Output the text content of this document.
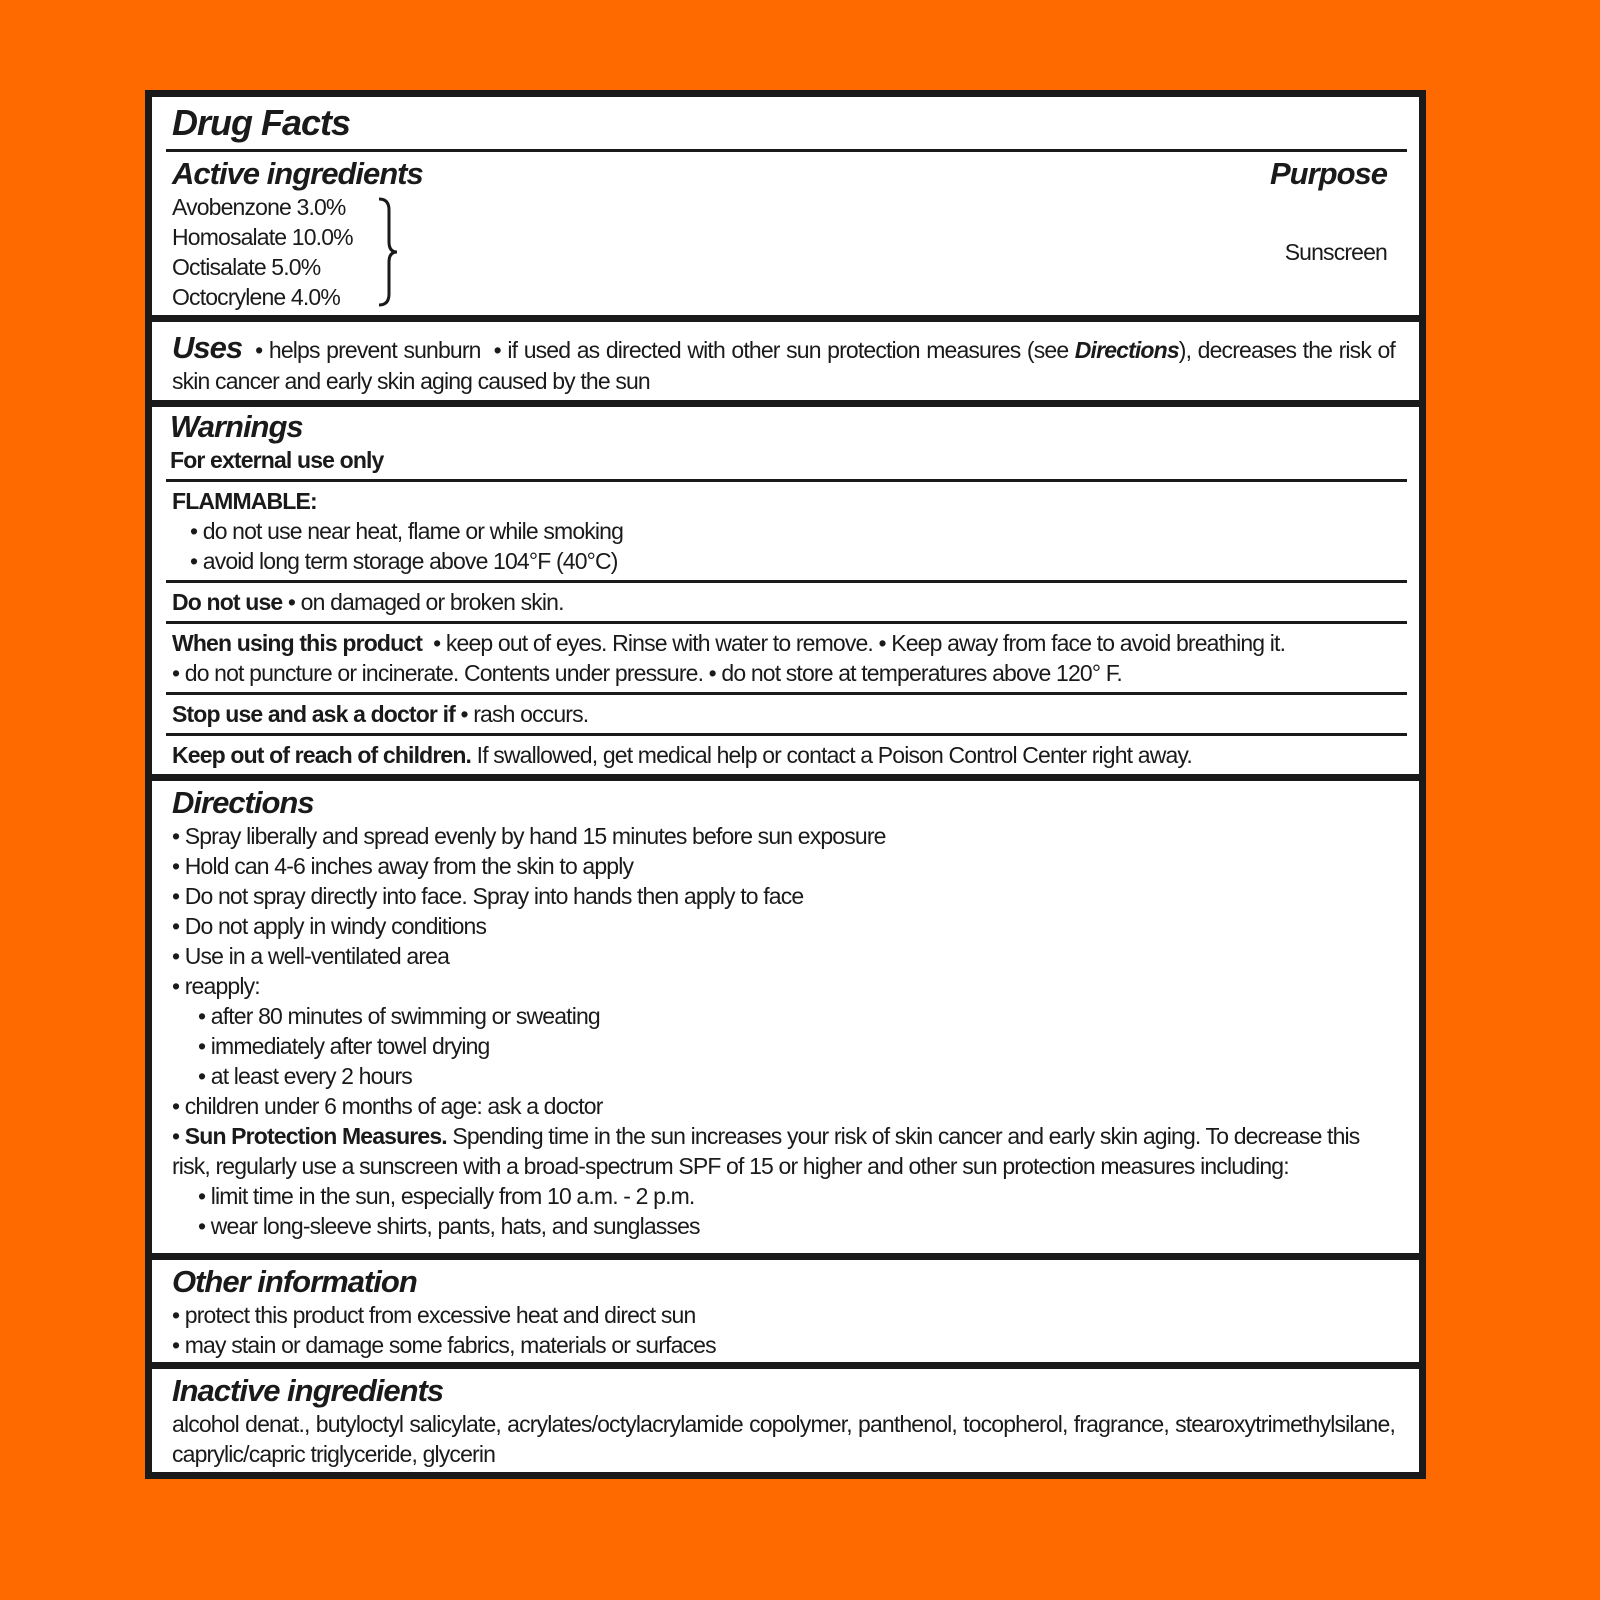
Drug Facts
Active ingredients	Purpose
Avobenzone 3.0%
Homosalate 10.0%
Octisalate 5.0%
Octocrylene 4.0%
Sunscreen
Uses  • helps prevent sunburn  • if used as directed with other sun protection measures (see Directions), decreases the risk of skin cancer and early skin aging caused by the sun
Warnings
For external use only
FLAMMABLE:
• do not use near heat, flame or while smoking
• avoid long term storage above 104°F (40°C)
Do not use • on damaged or broken skin.
When using this product  • keep out of eyes. Rinse with water to remove. • Keep away from face to avoid breathing it.
• do not puncture or incinerate. Contents under pressure. • do not store at temperatures above 120° F.
Stop use and ask a doctor if • rash occurs.
Keep out of reach of children. If swallowed, get medical help or contact a Poison Control Center right away.
Directions
• Spray liberally and spread evenly by hand 15 minutes before sun exposure
• Hold can 4-6 inches away from the skin to apply
• Do not spray directly into face. Spray into hands then apply to face
• Do not apply in windy conditions
• Use in a well-ventilated area
• reapply:
• after 80 minutes of swimming or sweating
• immediately after towel drying
• at least every 2 hours
• children under 6 months of age: ask a doctor
• Sun Protection Measures. Spending time in the sun increases your risk of skin cancer and early skin aging. To decrease this risk, regularly use a sunscreen with a broad-spectrum SPF of 15 or higher and other sun protection measures including:
• limit time in the sun, especially from 10 a.m. - 2 p.m.
• wear long-sleeve shirts, pants, hats, and sunglasses
Other information
• protect this product from excessive heat and direct sun
• may stain or damage some fabrics, materials or surfaces
Inactive ingredients
alcohol denat., butyloctyl salicylate, acrylates/octylacrylamide copolymer, panthenol, tocopherol, fragrance, stearoxytrimethylsilane, caprylic/capric triglyceride, glycerin
